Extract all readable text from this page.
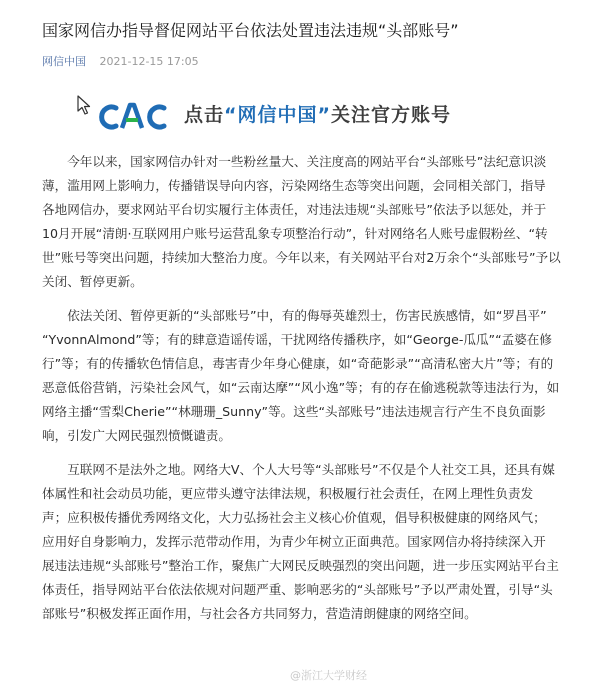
国家网信办指导督促网站平台依法处置违法违规“头部账号”
网信中国 2021-12-15 17:05
点击“网信中国”关注官方账号

今年以来，国家网信办针对一些粉丝量大、关注度高的网站平台“头部账号”法纪意识淡
薄，滥用网上影响力，传播错误导向内容，污染网络生态等突出问题，会同相关部门，指导
各地网信办，要求网站平台切实履行主体责任，对违法违规“头部账号”依法予以惩处，并于
10月开展“清朗·互联网用户账号运营乱象专项整治行动”，针对网络名人账号虚假粉丝、“转
世”账号等突出问题，持续加大整治力度。今年以来，有关网站平台对2万余个“头部账号”予以
关闭、暂停更新。

依法关闭、暂停更新的“头部账号”中，有的侮辱英雄烈士，伤害民族感情，如“罗昌平”
“YvonnAlmond”等；有的肆意造谣传谣，干扰网络传播秩序，如“George-瓜瓜”“孟婆在修
行”等；有的传播软色情信息，毒害青少年身心健康，如“奇葩影录”“高清私密大片”等；有的
恶意低俗营销，污染社会风气，如“云南达摩”“风小逸”等；有的存在偷逃税款等违法行为，如
网络主播“雪梨Cherie”“林珊珊_Sunny”等。这些“头部账号”违法违规言行产生不良负面影
响，引发广大网民强烈愤慨谴责。

互联网不是法外之地。网络大V、个人大号等“头部账号”不仅是个人社交工具，还具有媒
体属性和社会动员功能，更应带头遵守法律法规，积极履行社会责任，在网上理性负责发
声；应积极传播优秀网络文化，大力弘扬社会主义核心价值观，倡导积极健康的网络风气；
应用好自身影响力，发挥示范带动作用，为青少年树立正面典范。国家网信办将持续深入开
展违法违规“头部账号”整治工作，聚焦广大网民反映强烈的突出问题，进一步压实网站平台主
体责任，指导网站平台依法依规对问题严重、影响恶劣的“头部账号”予以严肃处置，引导“头
部账号”积极发挥正面作用，与社会各方共同努力，营造清朗健康的网络空间。

@浙江大学财经
